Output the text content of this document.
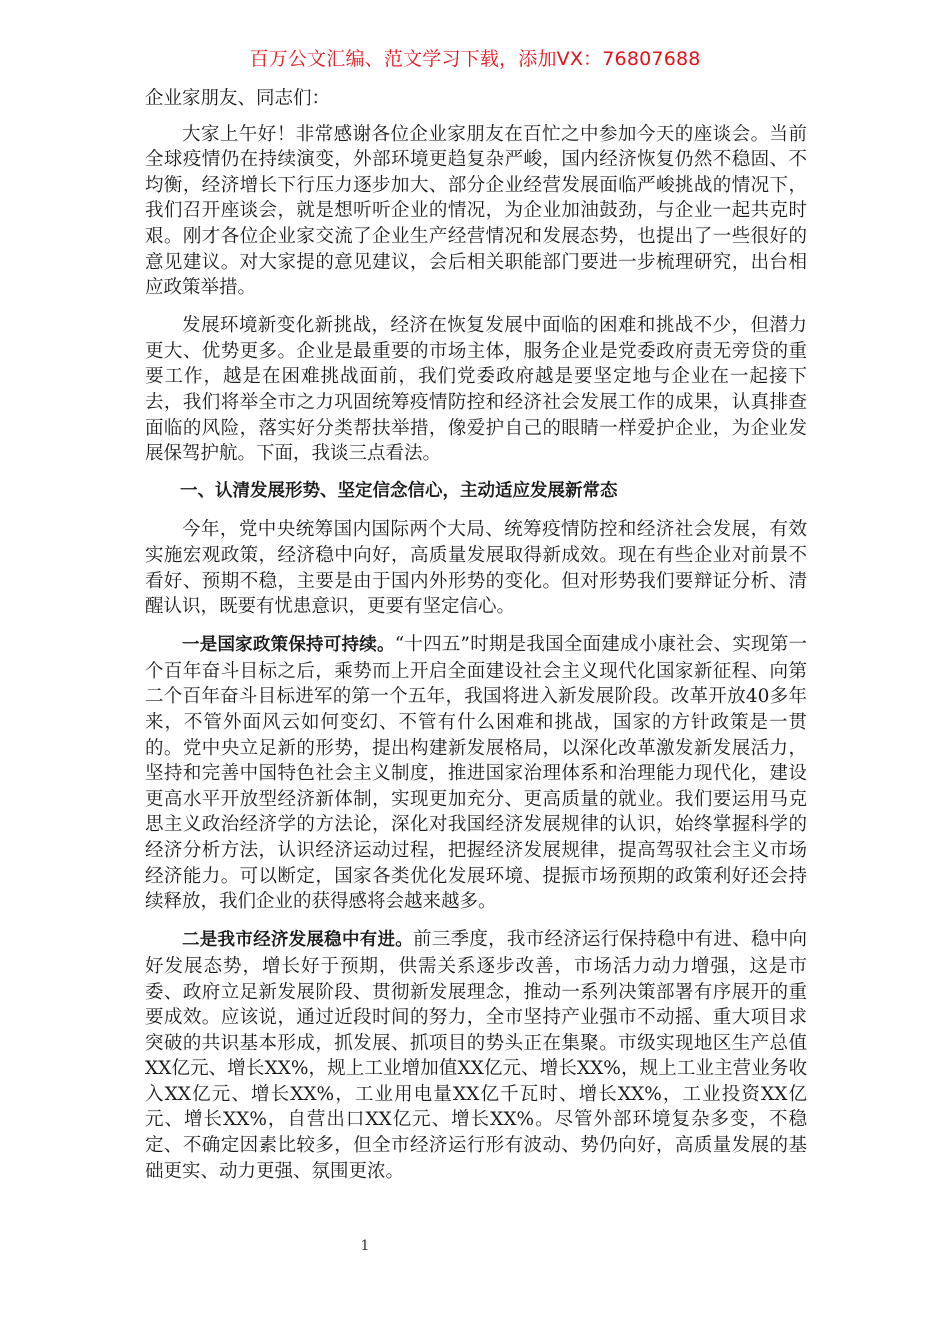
百万公文汇编、范文学习下载，添加VX：76807688

企业家朋友、同志们：

大家上午好！非常感谢各位企业家朋友在百忙之中参加今天的座谈会。当前全球疫情仍在持续演变，外部环境更趋复杂严峻，国内经济恢复仍然不稳固、不均衡，经济增长下行压力逐步加大、部分企业经营发展面临严峻挑战的情况下，我们召开座谈会，就是想听听企业的情况，为企业加油鼓劲，与企业一起共克时艰。刚才各位企业家交流了企业生产经营情况和发展态势，也提出了一些很好的意见建议。对大家提的意见建议，会后相关职能部门要进一步梳理研究，出台相应政策举措。

发展环境新变化新挑战，经济在恢复发展中面临的困难和挑战不少，但潜力更大、优势更多。企业是最重要的市场主体，服务企业是党委政府责无旁贷的重要工作，越是在困难挑战面前，我们党委政府越是要坚定地与企业在一起接下去，我们将举全市之力巩固统筹疫情防控和经济社会发展工作的成果，认真排查面临的风险，落实好分类帮扶举措，像爱护自己的眼睛一样爱护企业，为企业发展保驾护航。下面，我谈三点看法。

一、认清发展形势、坚定信念信心，主动适应发展新常态

今年，党中央统筹国内国际两个大局、统筹疫情防控和经济社会发展，有效实施宏观政策，经济稳中向好，高质量发展取得新成效。现在有些企业对前景不看好、预期不稳，主要是由于国内外形势的变化。但对形势我们要辩证分析、清醒认识，既要有忧患意识，更要有坚定信心。

一是国家政策保持可持续。“十四五”时期是我国全面建成小康社会、实现第一个百年奋斗目标之后，乘势而上开启全面建设社会主义现代化国家新征程、向第二个百年奋斗目标进军的第一个五年，我国将进入新发展阶段。改革开放40多年来，不管外面风云如何变幻、不管有什么困难和挑战，国家的方针政策是一贯的。党中央立足新的形势，提出构建新发展格局，以深化改革激发新发展活力，坚持和完善中国特色社会主义制度，推进国家治理体系和治理能力现代化，建设更高水平开放型经济新体制，实现更加充分、更高质量的就业。我们要运用马克思主义政治经济学的方法论，深化对我国经济发展规律的认识，始终掌握科学的经济分析方法，认识经济运动过程，把握经济发展规律，提高驾驭社会主义市场经济能力。可以断定，国家各类优化发展环境、提振市场预期的政策利好还会持续释放，我们企业的获得感将会越来越多。

二是我市经济发展稳中有进。前三季度，我市经济运行保持稳中有进、稳中向好发展态势，增长好于预期，供需关系逐步改善，市场活力动力增强，这是市委、政府立足新发展阶段、贯彻新发展理念，推动一系列决策部署有序展开的重要成效。应该说，通过近段时间的努力，全市坚持产业强市不动摇、重大项目求突破的共识基本形成，抓发展、抓项目的势头正在集聚。市级实现地区生产总值XX亿元、增长XX%，规上工业增加值XX亿元、增长XX%，规上工业主营业务收入XX亿元、增长XX%，工业用电量XX亿千瓦时、增长XX%，工业投资XX亿元、增长XX%，自营出口XX亿元、增长XX%。尽管外部环境复杂多变，不稳定、不确定因素比较多，但全市经济运行形有波动、势仍向好，高质量发展的基础更实、动力更强、氛围更浓。

1
